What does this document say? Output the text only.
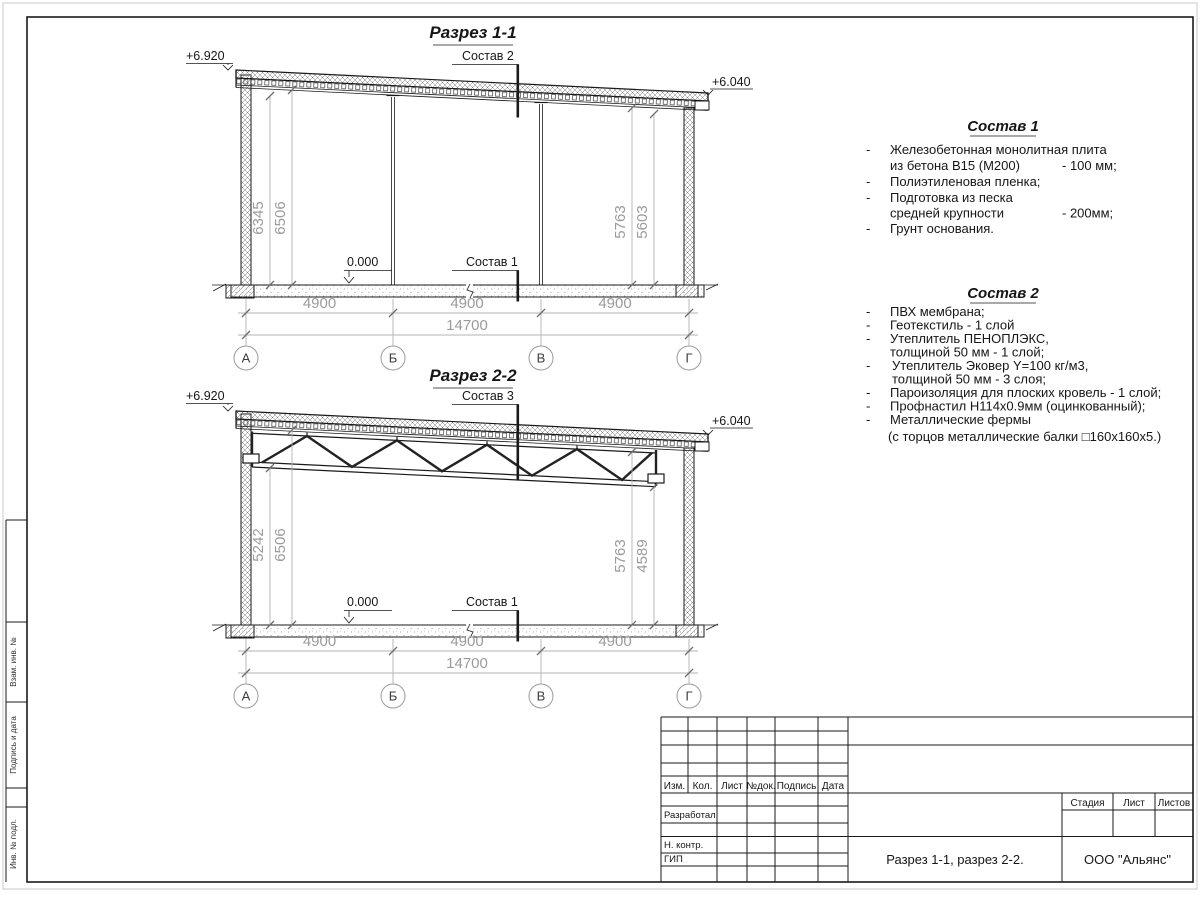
Взам. инв. №
Подпись и дата
Инв. № подл.
Разрез 1-1
А	Б	В	Г
+6.920
+6.040
Состав 2
Состав 1
0.000
6345 6506	5763 5603
4900	4900	4900
14700
Разрез 2-2
А	Б	В	Г
+6.920
+6.040
Состав 3
Состав 1
0.000
5242 6506	5763 4589
4900	4900	4900
14700
Состав 1
- Железобетонная монолитная плита
из бетона В15 (М200)	- 100 мм;
- Полиэтиленовая пленка;
- Подготовка из песка
средней крупности	- 200мм;
- Грунт основания.
Состав 2
- ПВХ мембрана;
- Геотекстиль - 1 слой
- Утеплитель ПЕНОПЛЭКС,
толщиной 50 мм - 1 слой;
- Утеплитель Эковер Y=100 кг/м3,
толщиной 50 мм - 3 слоя;
- Пароизоляция для плоских кровель - 1 слой;
- Профнастил Н114х0.9мм (оцинкованный);
- Металлические фермы
(с торцов металлические балки □160х160х5.)
Изм. Кол. Лист №док. Подпись Дата
Разработал
Н. контр.
ГИП
Стадия Лист Листов
Разрез 1-1, разрез 2-2.	ООО "Альянс"
